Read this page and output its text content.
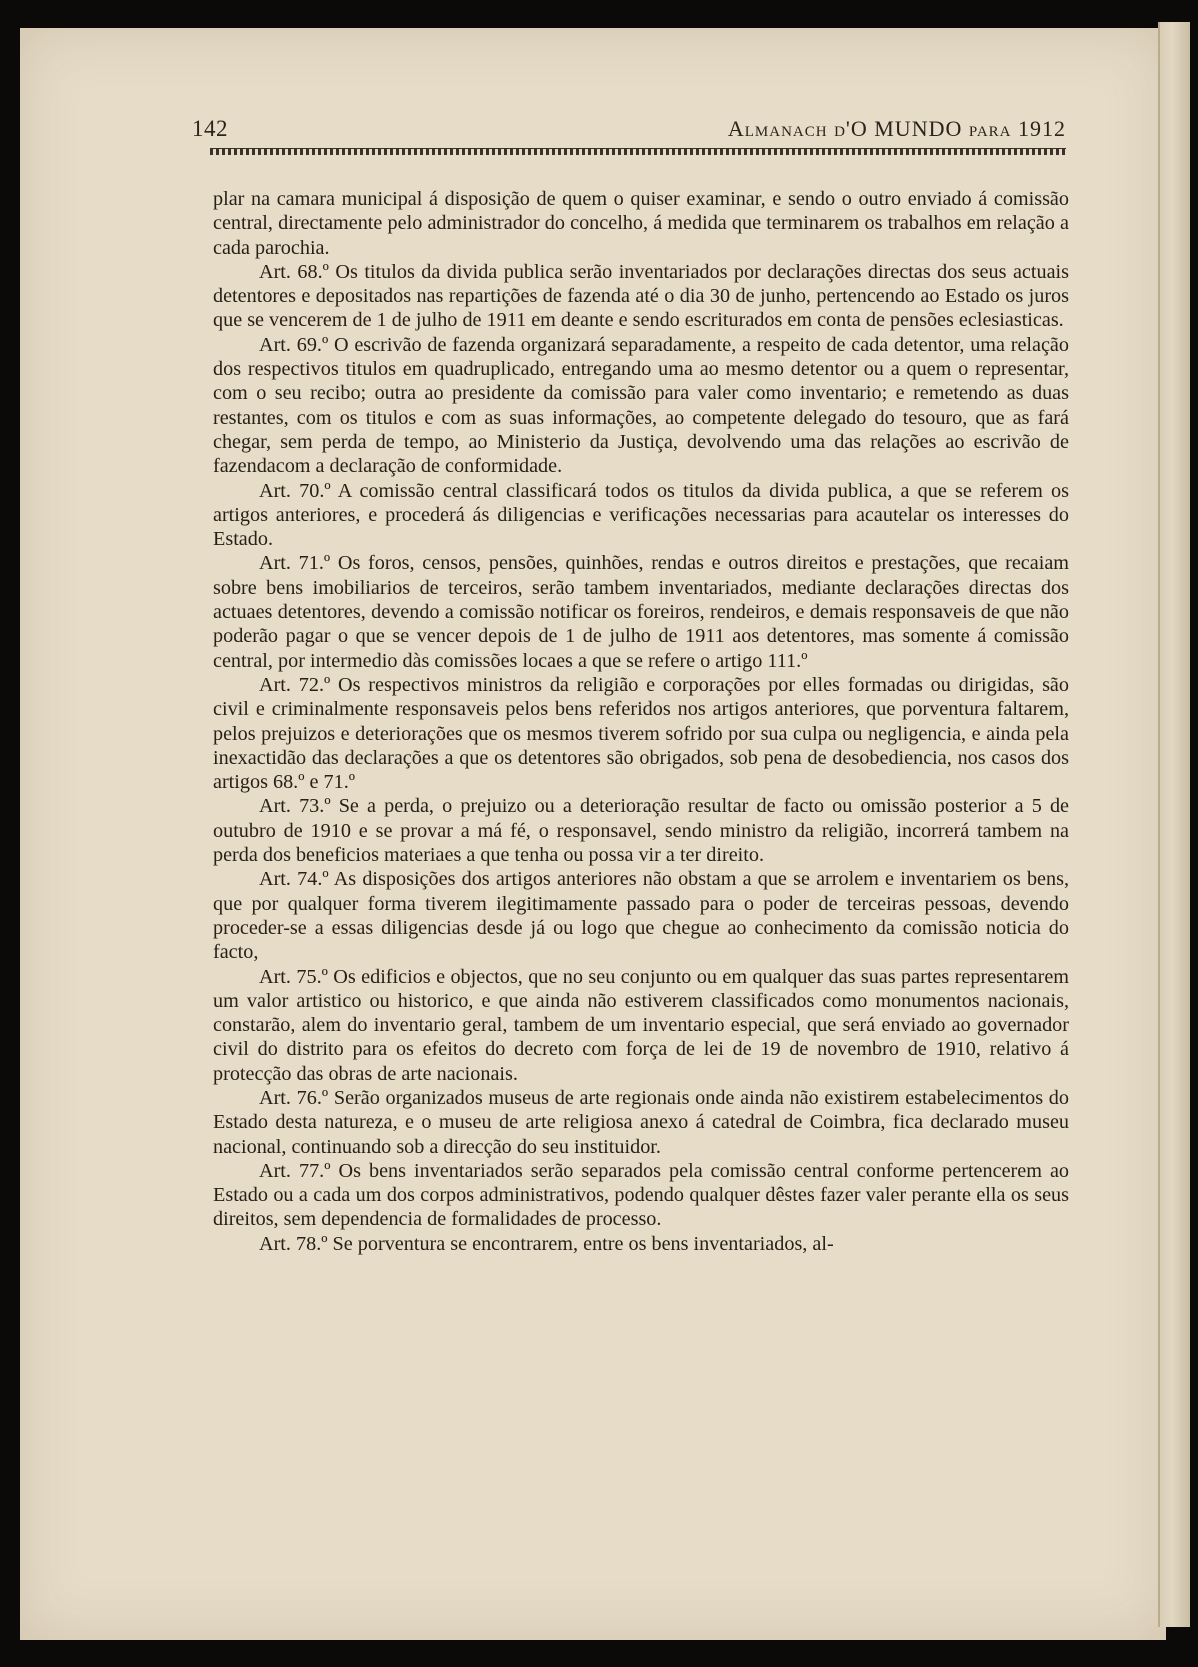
142	Almanach d'O MUNDO para 1912

plar na camara municipal á disposição de quem o quiser examinar, e sendo o outro enviado á comissão central, directamente pelo administrador do concelho, á medida que terminarem os trabalhos em relação a cada parochia.

Art. 68.º Os titulos da divida publica serão inventariados por declarações directas dos seus actuais detentores e depositados nas repartições de fazenda até o dia 30 de junho, pertencendo ao Estado os juros que se vencerem de 1 de julho de 1911 em deante e sendo escriturados em conta de pensões eclesiasticas.

Art. 69.º O escrivão de fazenda organizará separadamente, a respeito de cada detentor, uma relação dos respectivos titulos em quadruplicado, entregando uma ao mesmo detentor ou a quem o representar, com o seu recibo; outra ao presidente da comissão para valer como inventario; e remetendo as duas restantes, com os titulos e com as suas informações, ao competente delegado do tesouro, que as fará chegar, sem perda de tempo, ao Ministerio da Justiça, devolvendo uma das relações ao escrivão de fazendacom a declaração de conformidade.

Art. 70.º A comissão central classificará todos os titulos da divida publica, a que se referem os artigos anteriores, e procederá ás diligencias e verificações necessarias para acautelar os interesses do Estado.

Art. 71.º Os foros, censos, pensões, quinhões, rendas e outros direitos e prestações, que recaiam sobre bens imobiliarios de terceiros, serão tambem inventariados, mediante declarações directas dos actuaes detentores, devendo a comissão notificar os foreiros, rendeiros, e demais responsaveis de que não poderão pagar o que se vencer depois de 1 de julho de 1911 aos detentores, mas somente á comissão central, por intermedio dàs comissões locaes a que se refere o artigo 111.º

Art. 72.º Os respectivos ministros da religião e corporações por elles formadas ou dirigidas, são civil e criminalmente responsaveis pelos bens referidos nos artigos anteriores, que porventura faltarem, pelos prejuizos e deteriorações que os mesmos tiverem sofrido por sua culpa ou negligencia, e ainda pela inexactidão das declarações a que os detentores são obrigados, sob pena de desobediencia, nos casos dos artigos 68.º e 71.º

Art. 73.º Se a perda, o prejuizo ou a deterioração resultar de facto ou omissão posterior a 5 de outubro de 1910 e se provar a má fé, o responsavel, sendo ministro da religião, incorrerá tambem na perda dos beneficios materiaes a que tenha ou possa vir a ter direito.

Art. 74.º As disposições dos artigos anteriores não obstam a que se arrolem e inventariem os bens, que por qualquer forma tiverem ilegitimamente passado para o poder de terceiras pessoas, devendo proceder-se a essas diligencias desde já ou logo que chegue ao conhecimento da comissão noticia do facto,

Art. 75.º Os edificios e objectos, que no seu conjunto ou em qualquer das suas partes representarem um valor artistico ou historico, e que ainda não estiverem classificados como monumentos nacionais, constarão, alem do inventario geral, tambem de um inventario especial, que será enviado ao governador civil do distrito para os efeitos do decreto com força de lei de 19 de novembro de 1910, relativo á protecção das obras de arte nacionais.

Art. 76.º Serão organizados museus de arte regionais onde ainda não existirem estabelecimentos do Estado desta natureza, e o museu de arte religiosa anexo á catedral de Coimbra, fica declarado museu nacional, continuando sob a direcção do seu instituidor.

Art. 77.º Os bens inventariados serão separados pela comissão central conforme pertencerem ao Estado ou a cada um dos corpos administrativos, podendo qualquer dêstes fazer valer perante ella os seus direitos, sem dependencia de formalidades de processo.

Art. 78.º Se porventura se encontrarem, entre os bens inventariados, al-
